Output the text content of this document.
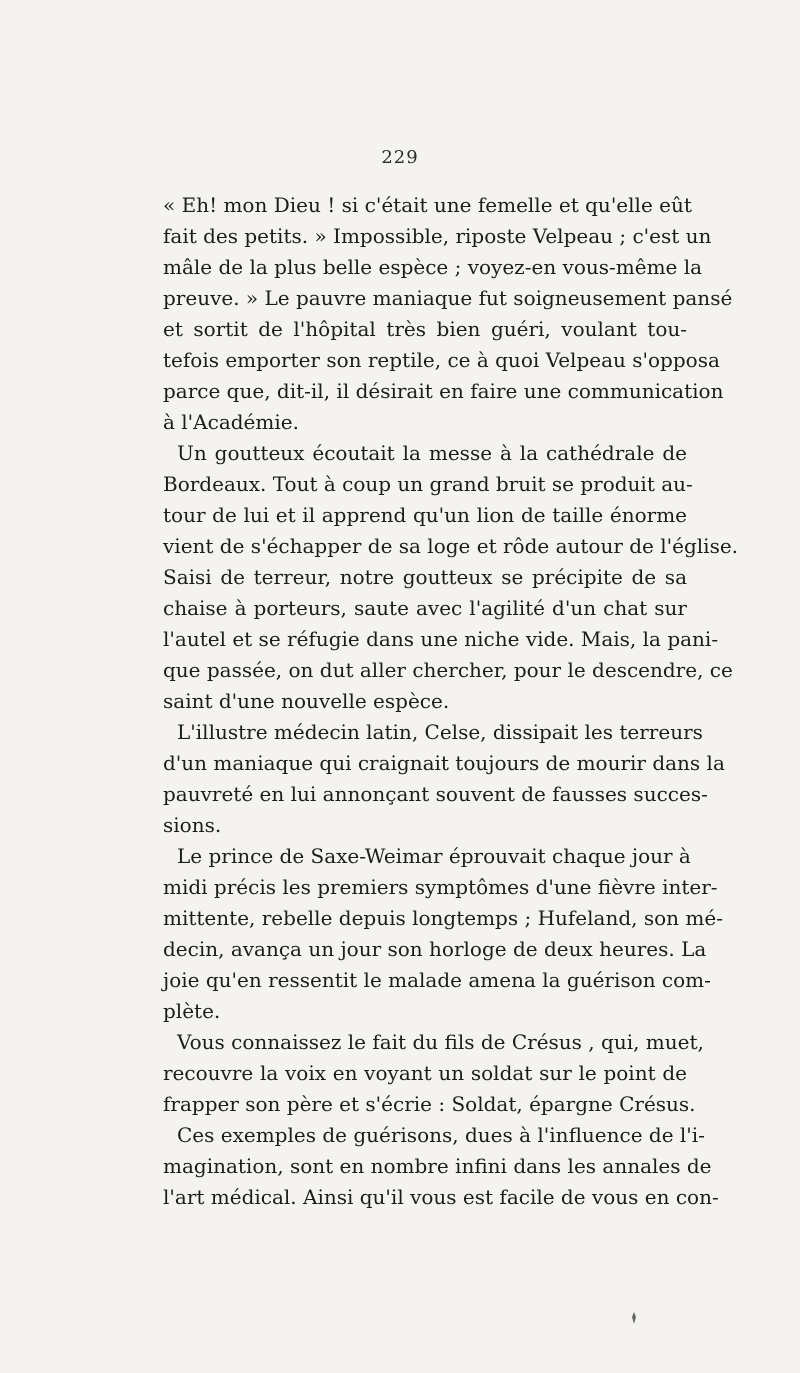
229
« Eh! mon Dieu ! si c'était une femelle et qu'elle eût
fait des petits. » Impossible, riposte Velpeau ; c'est un
mâle de la plus belle espèce ; voyez-en vous-même la
preuve. » Le pauvre maniaque fut soigneusement pansé
et sortit de l'hôpital très bien guéri, voulant tou-
tefois emporter son reptile, ce à quoi Velpeau s'opposa
parce que, dit-il, il désirait en faire une communication
à l'Académie.
Un goutteux écoutait la messe à la cathédrale de
Bordeaux. Tout à coup un grand bruit se produit au-
tour de lui et il apprend qu'un lion de taille énorme
vient de s'échapper de sa loge et rôde autour de l'église.
Saisi de terreur, notre goutteux se précipite de sa
chaise à porteurs, saute avec l'agilité d'un chat sur
l'autel et se réfugie dans une niche vide. Mais, la pani-
que passée, on dut aller chercher, pour le descendre, ce
saint d'une nouvelle espèce.
L'illustre médecin latin, Celse, dissipait les terreurs
d'un maniaque qui craignait toujours de mourir dans la
pauvreté en lui annonçant souvent de fausses succes-
sions.
Le prince de Saxe-Weimar éprouvait chaque jour à
midi précis les premiers symptômes d'une fièvre inter-
mittente, rebelle depuis longtemps ; Hufeland, son mé-
decin, avança un jour son horloge de deux heures. La
joie qu'en ressentit le malade amena la guérison com-
plète.
Vous connaissez le fait du fils de Crésus , qui, muet,
recouvre la voix en voyant un soldat sur le point de
frapper son père et s'écrie : Soldat, épargne Crésus.
Ces exemples de guérisons, dues à l'influence de l'i-
magination, sont en nombre infini dans les annales de
l'art médical. Ainsi qu'il vous est facile de vous en con-
